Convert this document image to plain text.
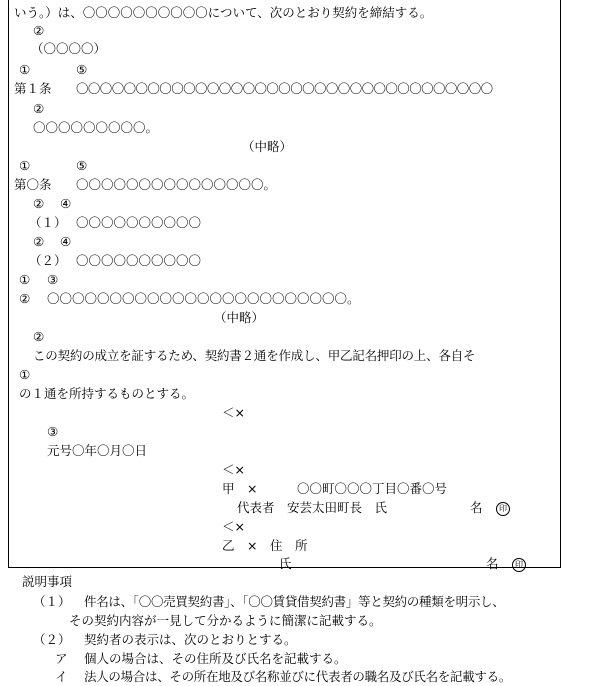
いう。）は、〇〇〇〇〇〇〇〇〇〇について、次のとおり契約を締結する。
②
（〇〇〇〇）
①	⑤
第１条 〇〇〇〇〇〇〇〇〇〇〇〇〇〇〇〇〇〇〇〇〇〇〇〇〇〇〇〇〇〇〇〇〇〇〇
②
〇〇〇〇〇〇〇〇〇。
（中略）
①	⑤
第〇条 〇〇〇〇〇〇〇〇〇〇〇〇〇〇〇。
② ④
（１） 〇〇〇〇〇〇〇〇〇〇
② ④
（２） 〇〇〇〇〇〇〇〇〇〇
① ③
② 〇〇〇〇〇〇〇〇〇〇〇〇〇〇〇〇〇〇〇〇〇〇〇〇。
（中略）
②
この契約の成立を証するため、契約書２通を作成し、甲乙記名押印の上、各自そ
①
の１通を所持するものとする。
＜×
③
元号〇年〇月〇日
＜×
甲　×	〇〇町〇〇〇丁目〇番〇号
代表者　安芸太田町長　氏	名	印
＜×
乙　×　住　所
氏	名	印
説明事項
（１） 件名は、「〇〇売買契約書」、「〇〇賃貸借契約書」等と契約の種類を明示し、
その契約内容が一見して分かるように簡潔に記載する。
（２） 契約者の表示は、次のとおりとする。
ア 個人の場合は、その住所及び氏名を記載する。
イ 法人の場合は、その所在地及び名称並びに代表者の職名及び氏名を記載する。
